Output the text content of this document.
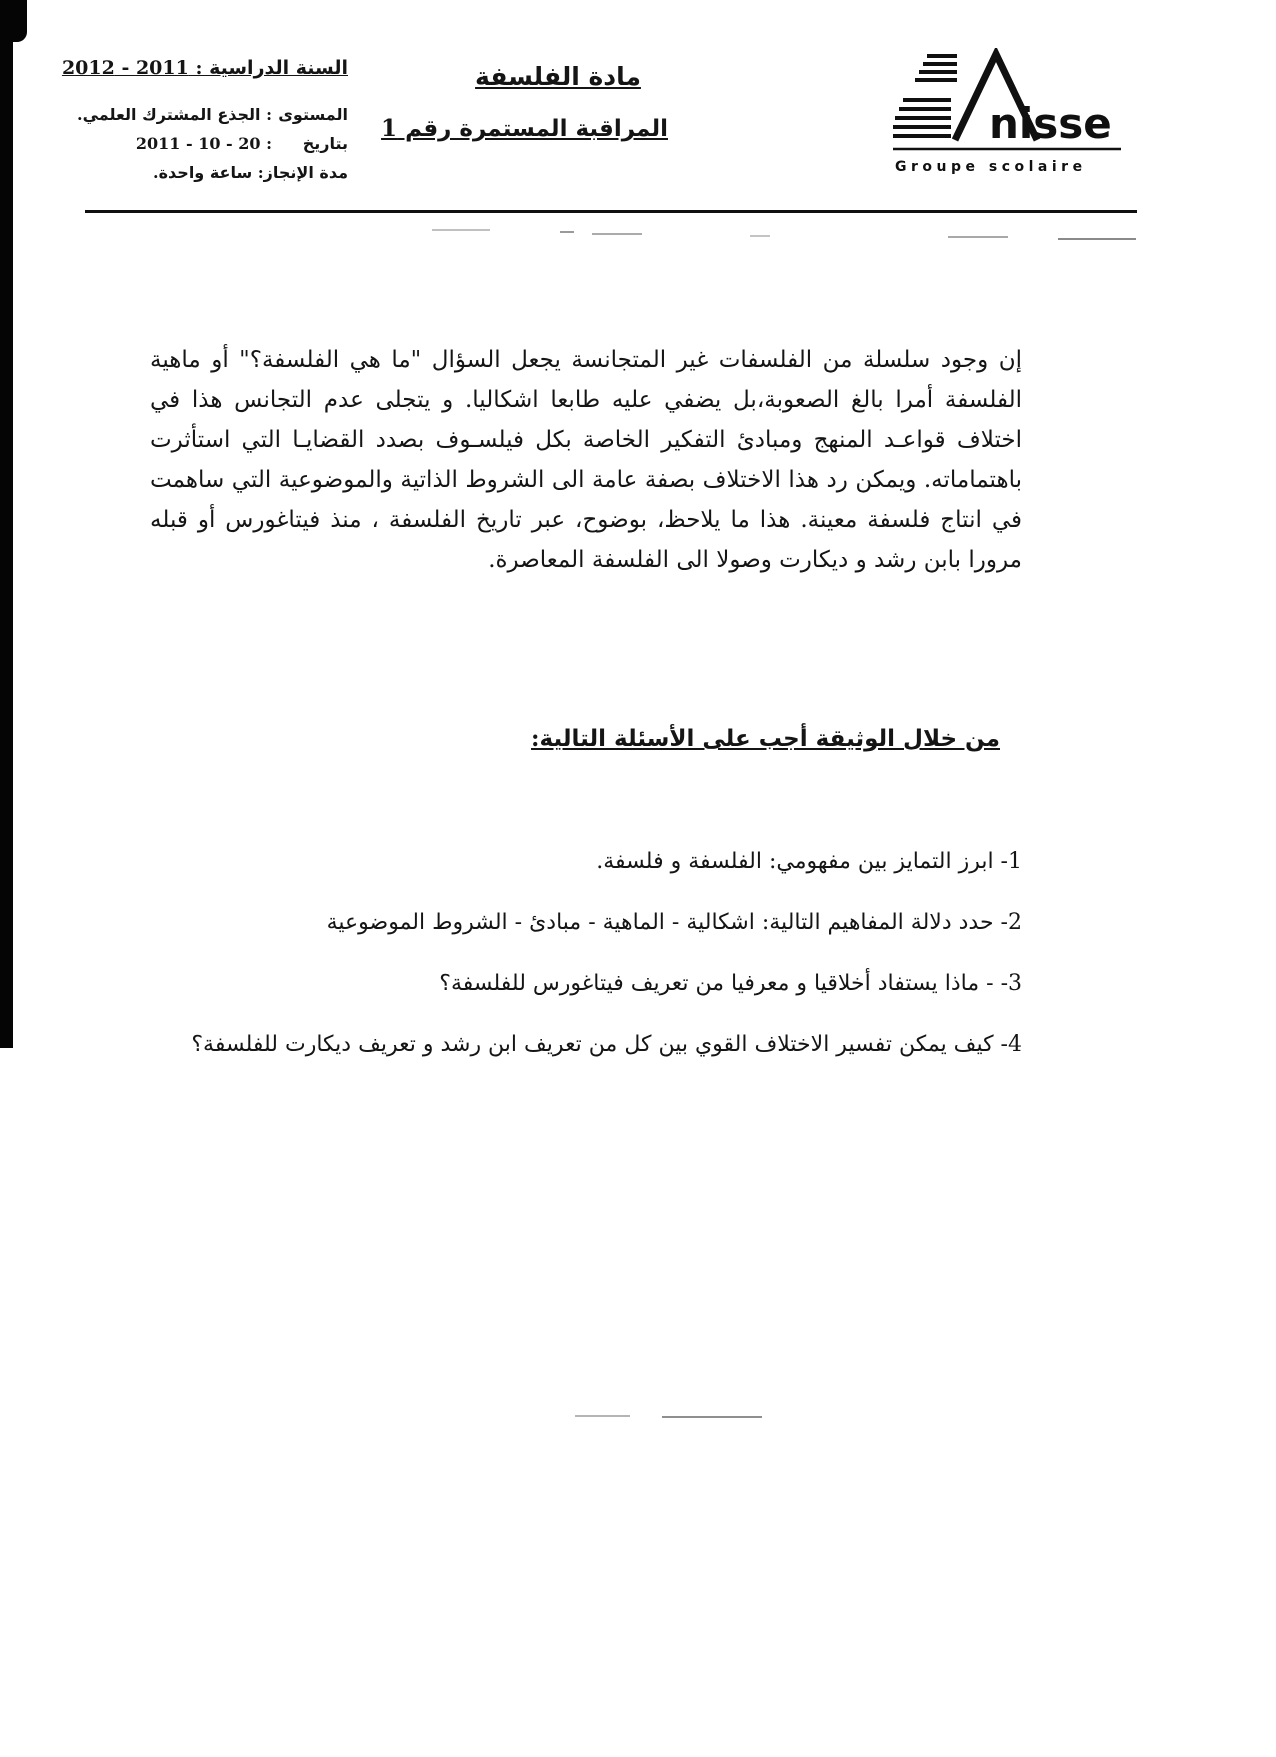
السنة الدراسية : 2011 - 2012
المستوى
: الجذع المشترك العلمي.
بتاريخ
: 20 - 10 - 2011
مدة الإنجاز: ساعة واحدة.
مادة الفلسفة
المراقبة المستمرة رقم 1	nisse
Groupe scolaire

إن وجود سلسلة من الفلسفات غير المتجانسة يجعل السؤال "ما هي الفلسفة؟" أو ماهية الفلسفة أمرا بالغ الصعوبة،بل يضفي عليه طابعا اشكاليا. و يتجلى عدم التجانس هذا في اختلاف قواعـد المنهج ومبادئ التفكير الخاصة بكل فيلسـوف بصدد القضايـا التي استأثرت باهتماماته. ويمكن رد هذا الاختلاف بصفة عامة الى الشروط الذاتية والموضوعية التي ساهمت في انتاج فلسفة معينة. هذا ما يلاحظ، بوضوح، عبر تاريخ الفلسفة ، منذ فيتاغورس أو قبله مرورا بابن رشد و ديكارت وصولا الى الفلسفة المعاصرة.

من خلال الوثيقة أجب على الأسئلة التالية:
1- ابرز التمايز بين مفهومي: الفلسفة و فلسفة.
2- حدد دلالة المفاهيم التالية: اشكالية - الماهية - مبادئ - الشروط الموضوعية
3- - ماذا يستفاد أخلاقيا و معرفيا من تعريف فيتاغورس للفلسفة؟
4- كيف يمكن تفسير الاختلاف القوي بين كل من تعريف ابن رشد و تعريف ديكارت للفلسفة؟
